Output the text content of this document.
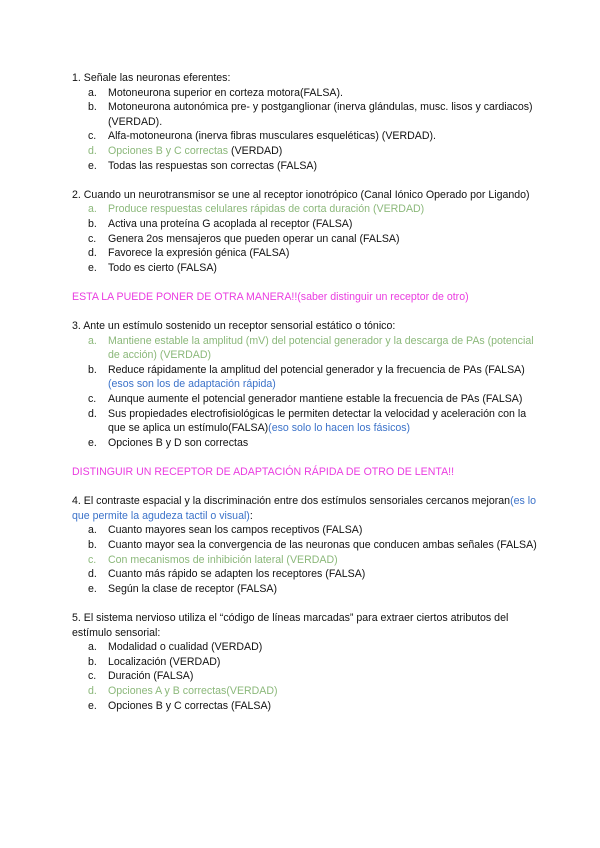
1. Señale las neuronas eferentes:

a.	Motoneurona superior en corteza motora(FALSA).
b.	Motoneurona autonómica pre- y postganglionar (inerva glándulas, musc. lisos y cardiacos) (VERDAD).
c.	Alfa-motoneurona (inerva fibras musculares esqueléticas) (VERDAD).
d.	Opciones B y C correctas (VERDAD)
e.	Todas las respuestas son correctas (FALSA)

2. Cuando un neurotransmisor se une al receptor ionotrópico (Canal Iónico Operado por Ligando)

a.	Produce respuestas celulares rápidas de corta duración (VERDAD)
b.	Activa una proteína G acoplada al receptor (FALSA)
c.	Genera 2os mensajeros que pueden operar un canal (FALSA)
d.	Favorece la expresión génica (FALSA)
e.	Todo es cierto (FALSA)

ESTA LA PUEDE PONER DE OTRA MANERA!!(saber distinguir un receptor de otro)

3. Ante un estímulo sostenido un receptor sensorial estático o tónico:

a.	Mantiene estable la amplitud (mV) del potencial generador y la descarga de PAs (potencial de acción) (VERDAD)
b.	Reduce rápidamente la amplitud del potencial generador y la frecuencia de PAs (FALSA)(esos son los de adaptación rápida)
c.	Aunque aumente el potencial generador mantiene estable la frecuencia de PAs (FALSA)
d.	Sus propiedades electrofisiológicas le permiten detectar la velocidad y aceleración con la que se aplica un estímulo(FALSA)(eso solo lo hacen los fásicos)
e.	Opciones B y D son correctas

DISTINGUIR UN RECEPTOR DE ADAPTACIÓN RÁPIDA DE OTRO DE LENTA!!

4. El contraste espacial y la discriminación entre dos estímulos sensoriales cercanos mejoran(es lo que permite la agudeza tactil o visual):

a.	Cuanto mayores sean los campos receptivos (FALSA)
b.	Cuanto mayor sea la convergencia de las neuronas que conducen ambas señales (FALSA)
c.	Con mecanismos de inhibición lateral (VERDAD)
d.	Cuanto más rápido se adapten los receptores (FALSA)
e.	Según la clase de receptor (FALSA)

5. El sistema nervioso utiliza el “código de líneas marcadas” para extraer ciertos atributos del estímulo sensorial:

a.	Modalidad o cualidad (VERDAD)
b.	Localización (VERDAD)
c.	Duración (FALSA)
d.	Opciones A y B correctas(VERDAD)
e.	Opciones B y C correctas (FALSA)
